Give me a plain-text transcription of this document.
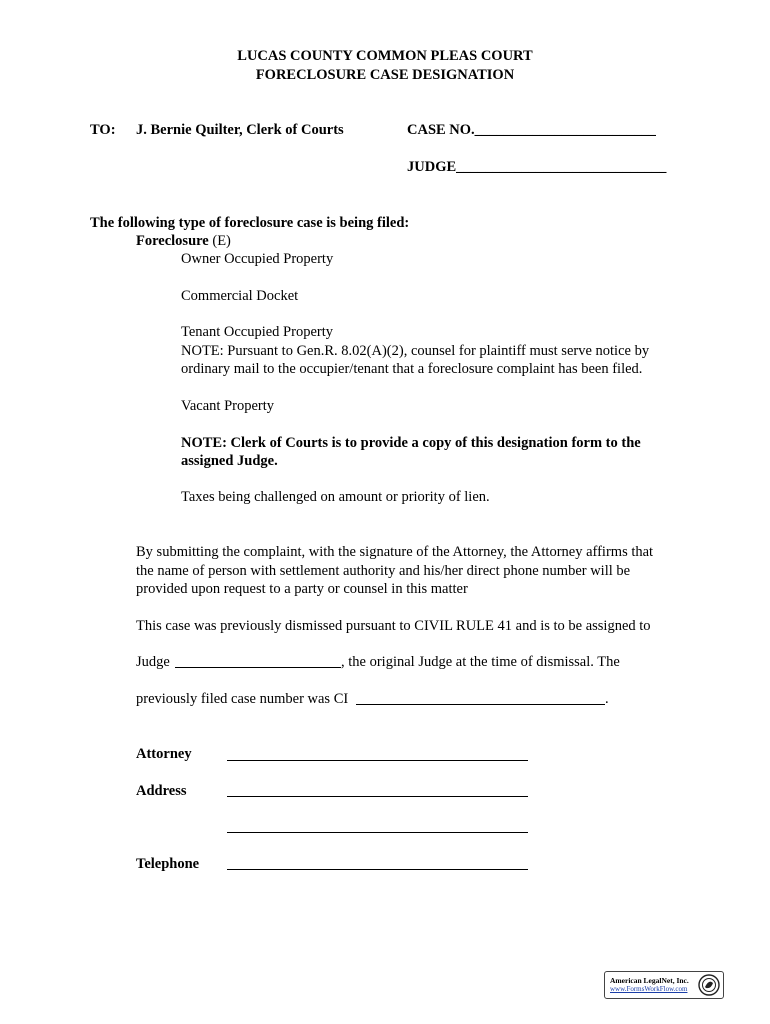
LUCAS COUNTY COMMON PLEAS COURT
FORECLOSURE CASE DESIGNATION
TO: J. Bernie Quilter, Clerk of Courts	CASE NO._________________________
JUDGE_____________________________
The following type of foreclosure case is being filed:
Foreclosure (E)
Owner Occupied Property
Commercial Docket
Tenant Occupied Property
NOTE: Pursuant to Gen.R. 8.02(A)(2), counsel for plaintiff must serve notice by
ordinary mail to the occupier/tenant that a foreclosure complaint has been filed.
Vacant Property
NOTE: Clerk of Courts is to provide a copy of this designation form to the
assigned Judge.
Taxes being challenged on amount or priority of lien.
By submitting the complaint, with the signature of the Attorney, the Attorney affirms that
the name of person with settlement authority and his/her direct phone number will be
provided upon request to a party or counsel in this matter
This case was previously dismissed pursuant to CIVIL RULE 41 and is to be assigned to
Judge	, the original Judge at the time of dismissal. The
previously filed case number was CI	.
Attorney
Address
Telephone
American LegalNet, Inc.
www.FormsWorkFlow.com
